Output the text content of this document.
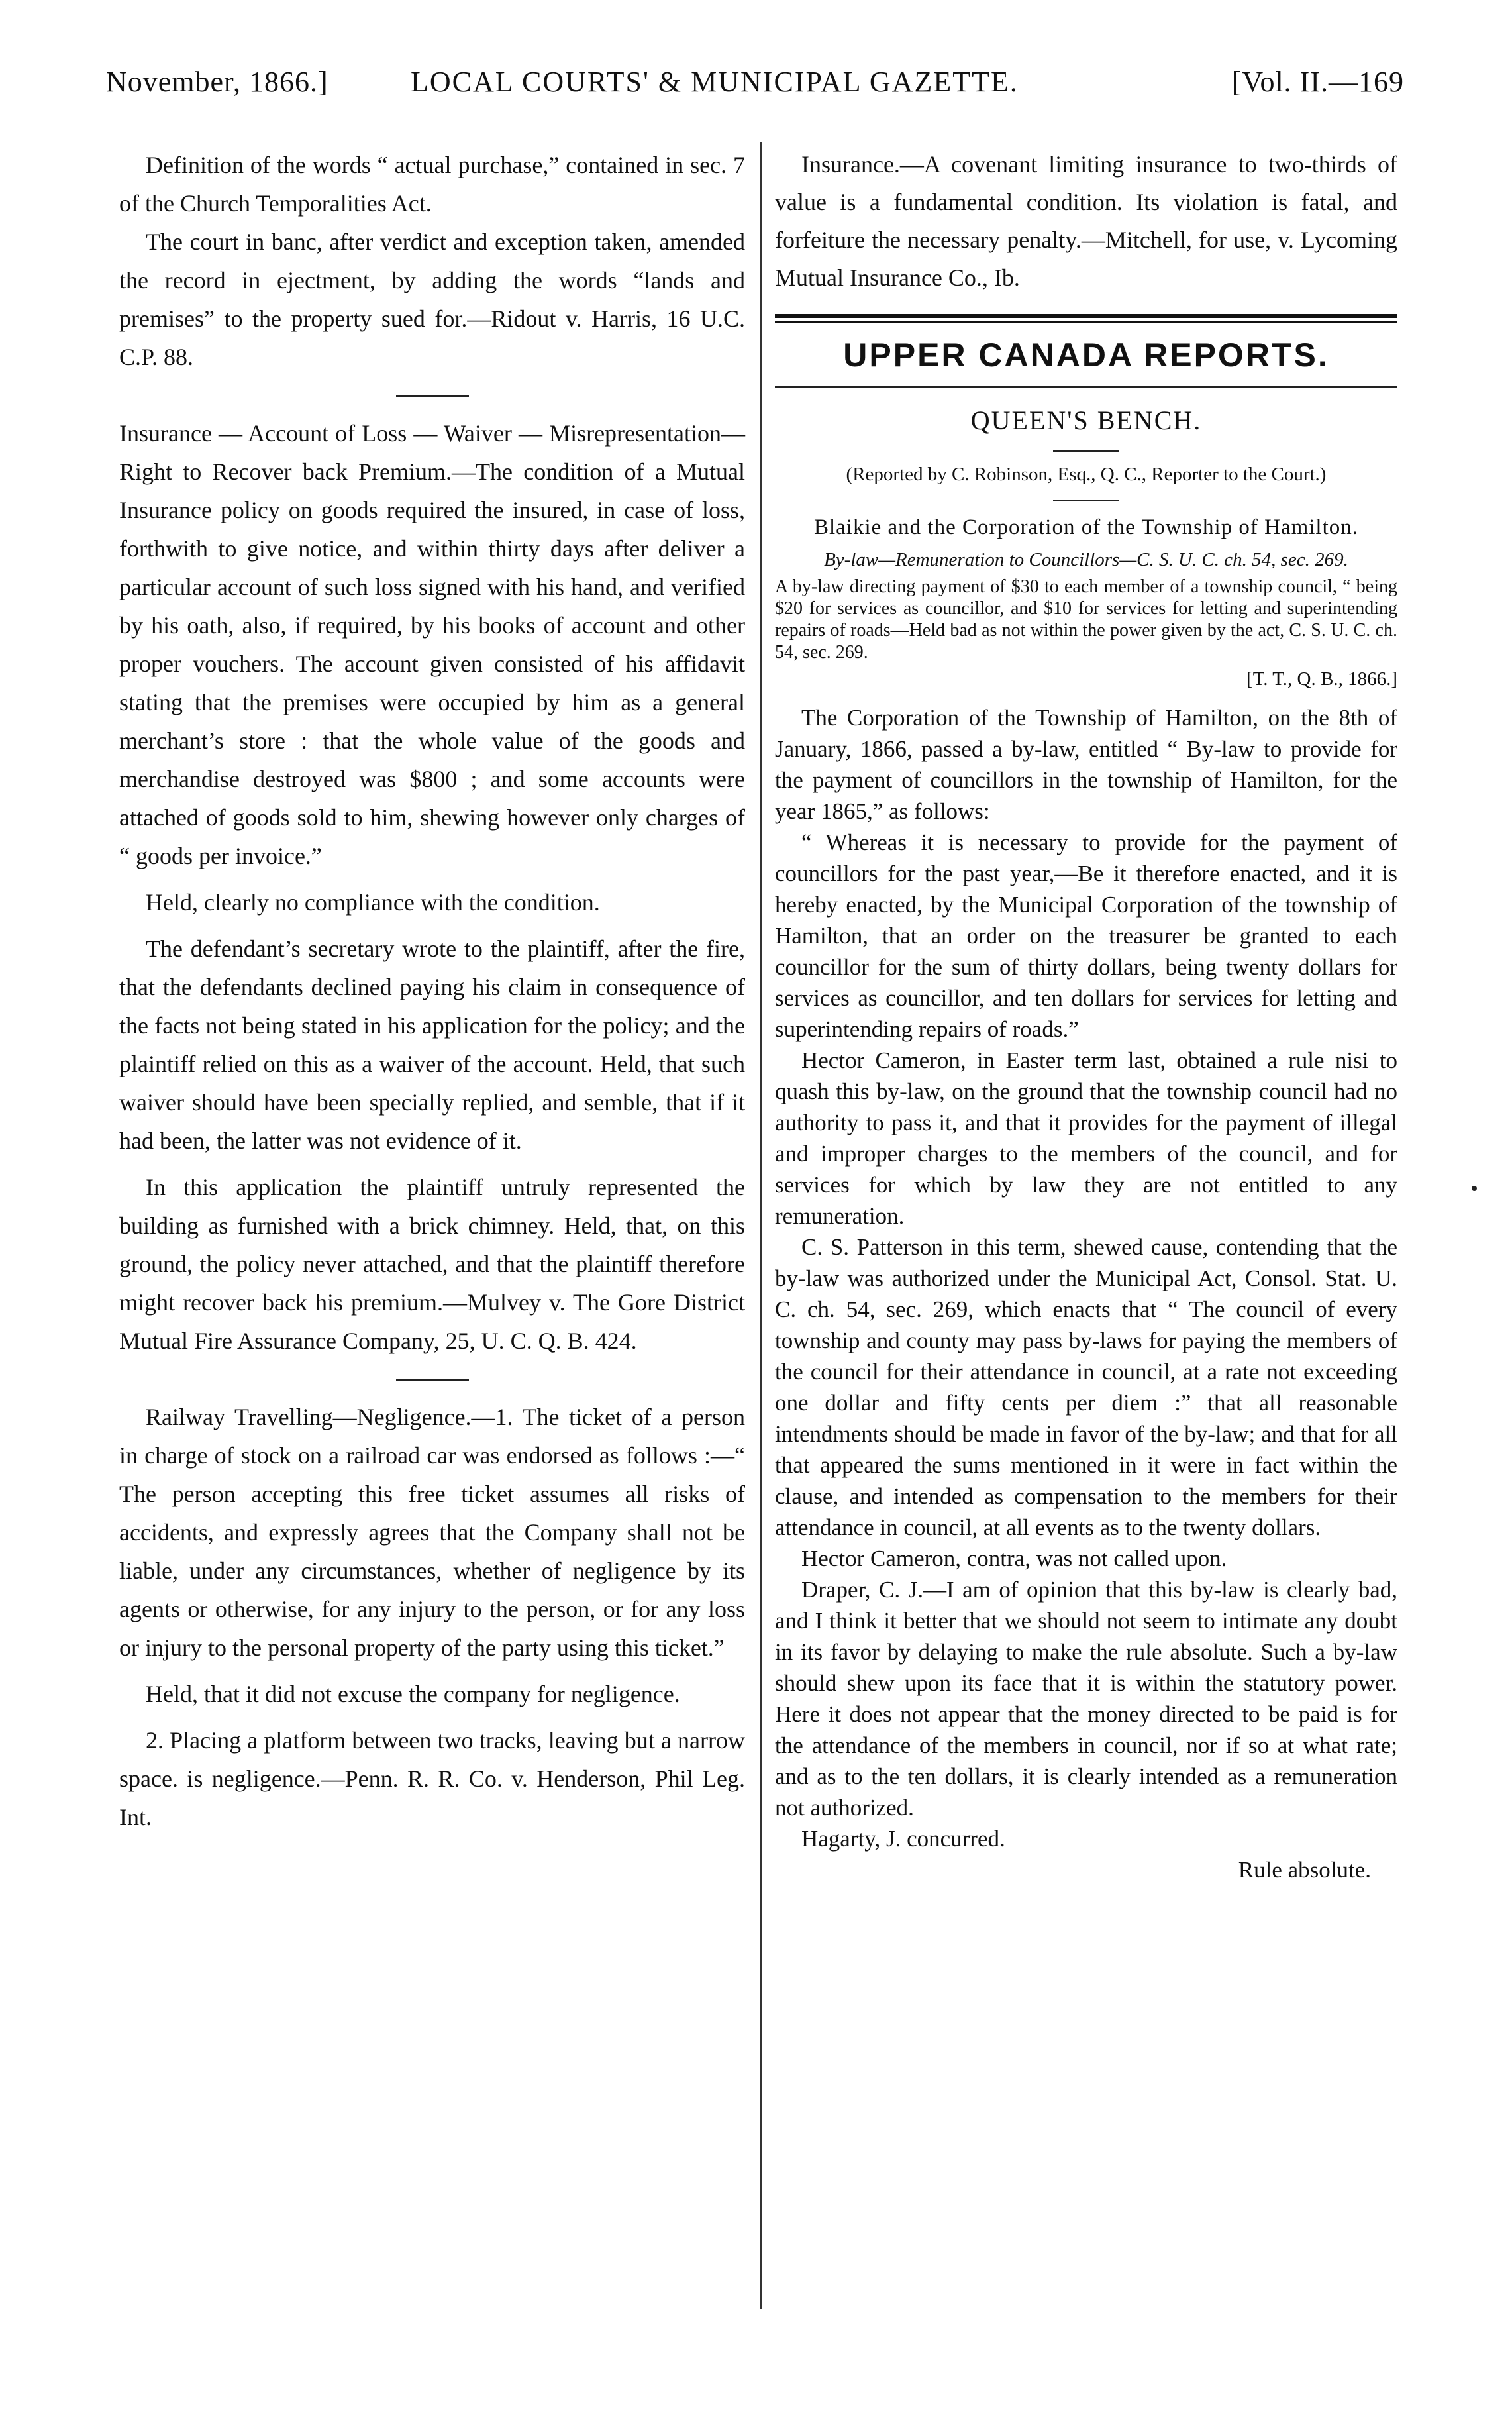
November, 1866.]	LOCAL COURTS' & MUNICIPAL GAZETTE.	[Vol. II.—169

Definition of the words “ actual purchase,” contained in sec. 7 of the Church Temporalities Act.

The court in banc, after verdict and exception taken, amended the record in ejectment, by adding the words “lands and premises” to the property sued for.—Ridout v. Harris, 16 U.C. C.P. 88.

Insurance — Account of Loss — Waiver — Misrepresentation—Right to Recover back Premium.—The condition of a Mutual Insurance policy on goods required the insured, in case of loss, forthwith to give notice, and within thirty days after deliver a particular account of such loss signed with his hand, and verified by his oath, also, if required, by his books of account and other proper vouchers. The account given consisted of his affidavit stating that the premises were occupied by him as a general merchant’s store : that the whole value of the goods and merchandise destroyed was $800 ; and some accounts were attached of goods sold to him, shewing however only charges of “ goods per invoice.”

Held, clearly no compliance with the condition.

The defendant’s secretary wrote to the plaintiff, after the fire, that the defendants declined paying his claim in consequence of the facts not being stated in his application for the policy; and the plaintiff relied on this as a waiver of the account. Held, that such waiver should have been specially replied, and semble, that if it had been, the latter was not evidence of it.

In this application the plaintiff untruly represented the building as furnished with a brick chimney. Held, that, on this ground, the policy never attached, and that the plaintiff therefore might recover back his premium.—Mulvey v. The Gore District Mutual Fire Assurance Company, 25, U. C. Q. B. 424.

Railway Travelling—Negligence.—1. The ticket of a person in charge of stock on a railroad car was endorsed as follows :—“ The person accepting this free ticket assumes all risks of accidents, and expressly agrees that the Company shall not be liable, under any circumstances, whether of negligence by its agents or otherwise, for any injury to the person, or for any loss or injury to the personal property of the party using this ticket.”

Held, that it did not excuse the company for negligence.

2. Placing a platform between two tracks, leaving but a narrow space. is negligence.—Penn. R. R. Co. v. Henderson, Phil Leg. Int.

Insurance.—A covenant limiting insurance to two-thirds of value is a fundamental condition. Its violation is fatal, and forfeiture the necessary penalty.—Mitchell, for use, v. Lycoming Mutual Insurance Co., Ib.

UPPER CANADA REPORTS.
QUEEN'S BENCH.

(Reported by C. Robinson, Esq., Q. C., Reporter to the Court.)

Blaikie and the Corporation of the Township of Hamilton.

By-law—Remuneration to Councillors—C. S. U. C. ch. 54, sec. 269.

A by-law directing payment of $30 to each member of a township council, “ being $20 for services as councillor, and $10 for services for letting and superintending repairs of roads—Held bad as not within the power given by the act, C. S. U. C. ch. 54, sec. 269.

[T. T., Q. B., 1866.]

The Corporation of the Township of Hamilton, on the 8th of January, 1866, passed a by-law, entitled “ By-law to provide for the payment of councillors in the township of Hamilton, for the year 1865,” as follows:

“ Whereas it is necessary to provide for the payment of councillors for the past year,—Be it therefore enacted, and it is hereby enacted, by the Municipal Corporation of the township of Hamilton, that an order on the treasurer be granted to each councillor for the sum of thirty dollars, being twenty dollars for services as councillor, and ten dollars for services for letting and superintending repairs of roads.”

Hector Cameron, in Easter term last, obtained a rule nisi to quash this by-law, on the ground that the township council had no authority to pass it, and that it provides for the payment of illegal and improper charges to the members of the council, and for services for which by law they are not entitled to any remuneration.

C. S. Patterson in this term, shewed cause, contending that the by-law was authorized under the Municipal Act, Consol. Stat. U. C. ch. 54, sec. 269, which enacts that “ The council of every township and county may pass by-laws for paying the members of the council for their attendance in council, at a rate not exceeding one dollar and fifty cents per diem :” that all reasonable intendments should be made in favor of the by-law; and that for all that appeared the sums mentioned in it were in fact within the clause, and intended as compensation to the members for their attendance in council, at all events as to the twenty dollars.

Hector Cameron, contra, was not called upon.

Draper, C. J.—I am of opinion that this by-law is clearly bad, and I think it better that we should not seem to intimate any doubt in its favor by delaying to make the rule absolute. Such a by-law should shew upon its face that it is within the statutory power. Here it does not appear that the money directed to be paid is for the attendance of the members in council, nor if so at what rate; and as to the ten dollars, it is clearly intended as a remuneration not authorized.

Hagarty, J. concurred.

Rule absolute.
